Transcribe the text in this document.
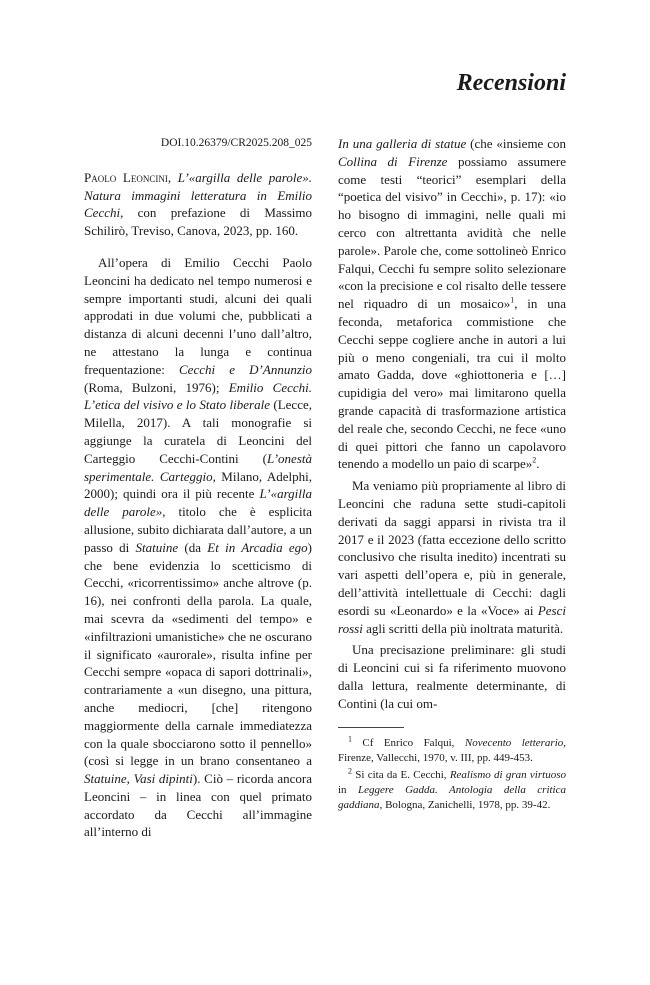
Recensioni
DOI.10.26379/CR2025.208_025

Paolo Leoncini, L’«argilla delle parole». Natura immagini letteratura in Emilio Cecchi, con prefazione di Massimo Schilirò, Treviso, Canova, 2023, pp. 160.

All’opera di Emilio Cecchi Paolo Leoncini ha dedicato nel tempo numerosi e sempre importanti studi, alcuni dei quali approdati in due volumi che, pubblicati a distanza di alcuni decenni l’uno dall’altro, ne attestano la lunga e continua frequentazione: Cecchi e D’Annunzio (Roma, Bulzoni, 1976); Emilio Cecchi. L’etica del visivo e lo Stato liberale (Lecce, Milella, 2017). A tali monografie si aggiunge la curatela di Leoncini del Carteggio Cecchi-Contini (L’onestà sperimentale. Carteggio, Milano, Adelphi, 2000); quindi ora il più recente L’«argilla delle parole», titolo che è esplicita allusione, subito dichiarata dall’autore, a un passo di Statuine (da Et in Arcadia ego) che bene evidenzia lo scetticismo di Cecchi, «ricorrentissimo» anche altrove (p. 16), nei confronti della parola. La quale, mai scevra da «sedimenti del tempo» e «infiltrazioni umanistiche» che ne oscurano il significato «aurorale», risulta infine per Cecchi sempre «opaca di sapori dottrinali», contrariamente a «un disegno, una pittura, anche mediocri, [che] ritengono maggiormente della carnale immediatezza con la quale sbocciarono sotto il pennello» (così si legge in un brano consentaneo a Statuine, Vasi dipinti). Ciò – ricorda ancora Leoncini – in linea con quel primato accordato da Cecchi all’immagine all’interno di

In una galleria di statue (che «insieme con Collina di Firenze possiamo assumere come testi “teorici” esemplari della “poetica del visivo” in Cecchi», p. 17): «io ho bisogno di immagini, nelle quali mi cerco con altrettanta avidità che nelle parole». Parole che, come sottolineò Enrico Falqui, Cecchi fu sempre solito selezionare «con la precisione e col risalto delle tessere nel riquadro di un mosaico»$^1$, in una feconda, metaforica commistione che Cecchi seppe cogliere anche in autori a lui più o meno congeniali, tra cui il molto amato Gadda, dove «ghiottoneria e […] cupidigia del vero» mai limitarono quella grande capacità di trasformazione artistica del reale che, secondo Cecchi, ne fece «uno di quei pittori che fanno un capolavoro tenendo a modello un paio di scarpe»$^2$.

Ma veniamo più propriamente al libro di Leoncini che raduna sette studi-capitoli derivati da saggi apparsi in rivista tra il 2017 e il 2023 (fatta eccezione dello scritto conclusivo che risulta inedito) incentrati su vari aspetti dell’opera e, più in generale, dell’attività intellettuale di Cecchi: dagli esordi su «Leonardo» e la «Voce» ai Pesci rossi agli scritti della più inoltrata maturità.

Una precisazione preliminare: gli studi di Leoncini cui si fa riferimento muovono dalla lettura, realmente determinante, di Contini (la cui om-

$^1$ Cf Enrico Falqui, Novecento letterario, Firenze, Vallecchi, 1970, v. III, pp. 449-453.

$^2$ Si cita da E. Cecchi, Realismo di gran virtuoso in Leggere Gadda. Antologia della critica gaddiana, Bologna, Zanichelli, 1978, pp. 39-42.
